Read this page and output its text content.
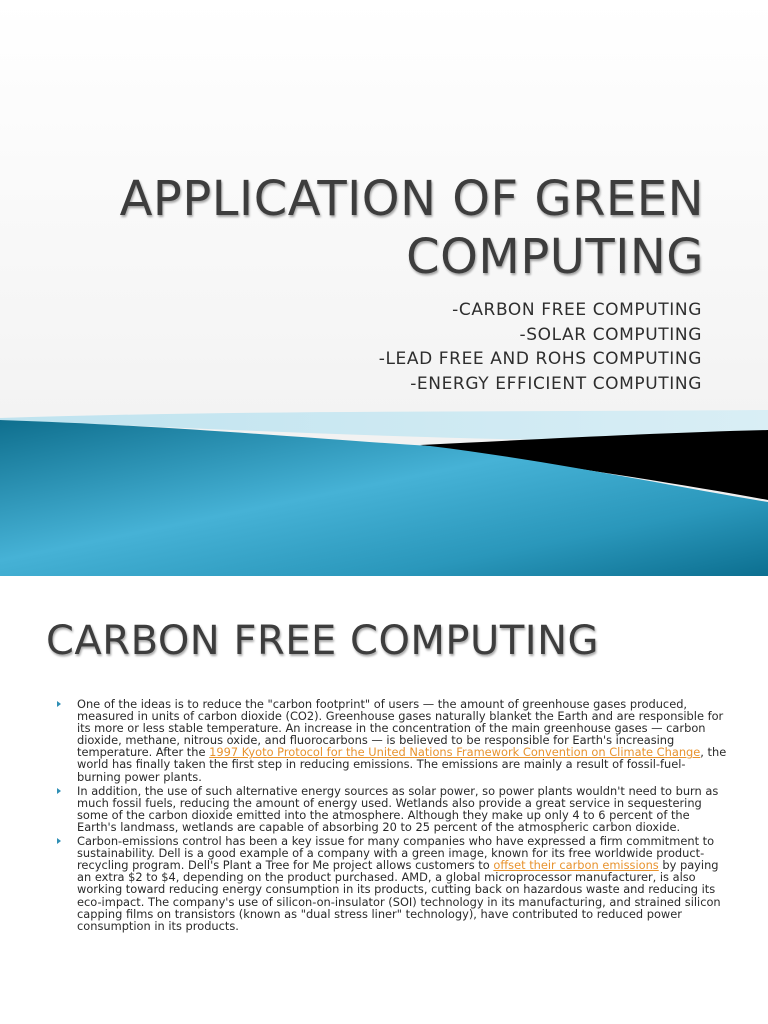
APPLICATION OF GREEN
COMPUTING
-CARBON FREE COMPUTING
-SOLAR COMPUTING
-LEAD FREE AND ROHS COMPUTING
-ENERGY EFFICIENT COMPUTING
CARBON FREE COMPUTING
One of the ideas is to reduce the "carbon footprint" of users — the amount of greenhouse gases produced, measured in units of carbon dioxide (CO2). Greenhouse gases naturally blanket the Earth and are responsible for its more or less stable temperature. An increase in the concentration of the main greenhouse gases — carbon dioxide, methane, nitrous oxide, and fluorocarbons — is believed to be responsible for Earth's increasing temperature. After the 1997 Kyoto Protocol for the United Nations Framework Convention on Climate Change, the world has finally taken the first step in reducing emissions. The emissions are mainly a result of fossil-fuel-burning power plants.
In addition, the use of such alternative energy sources as solar power, so power plants wouldn't need to burn as much fossil fuels, reducing the amount of energy used. Wetlands also provide a great service in sequestering some of the carbon dioxide emitted into the atmosphere. Although they make up only 4 to 6 percent of the Earth's landmass, wetlands are capable of absorbing 20 to 25 percent of the atmospheric carbon dioxide.
Carbon-emissions control has been a key issue for many companies who have expressed a firm commitment to sustainability. Dell is a good example of a company with a green image, known for its free worldwide product-recycling program. Dell's Plant a Tree for Me project allows customers to offset their carbon emissions by paying an extra $2 to $4, depending on the product purchased. AMD, a global microprocessor manufacturer, is also working toward reducing energy consumption in its products, cutting back on hazardous waste and reducing its eco-impact. The company's use of silicon-on-insulator (SOI) technology in its manufacturing, and strained silicon capping films on transistors (known as "dual stress liner" technology), have contributed to reduced power consumption in its products.
